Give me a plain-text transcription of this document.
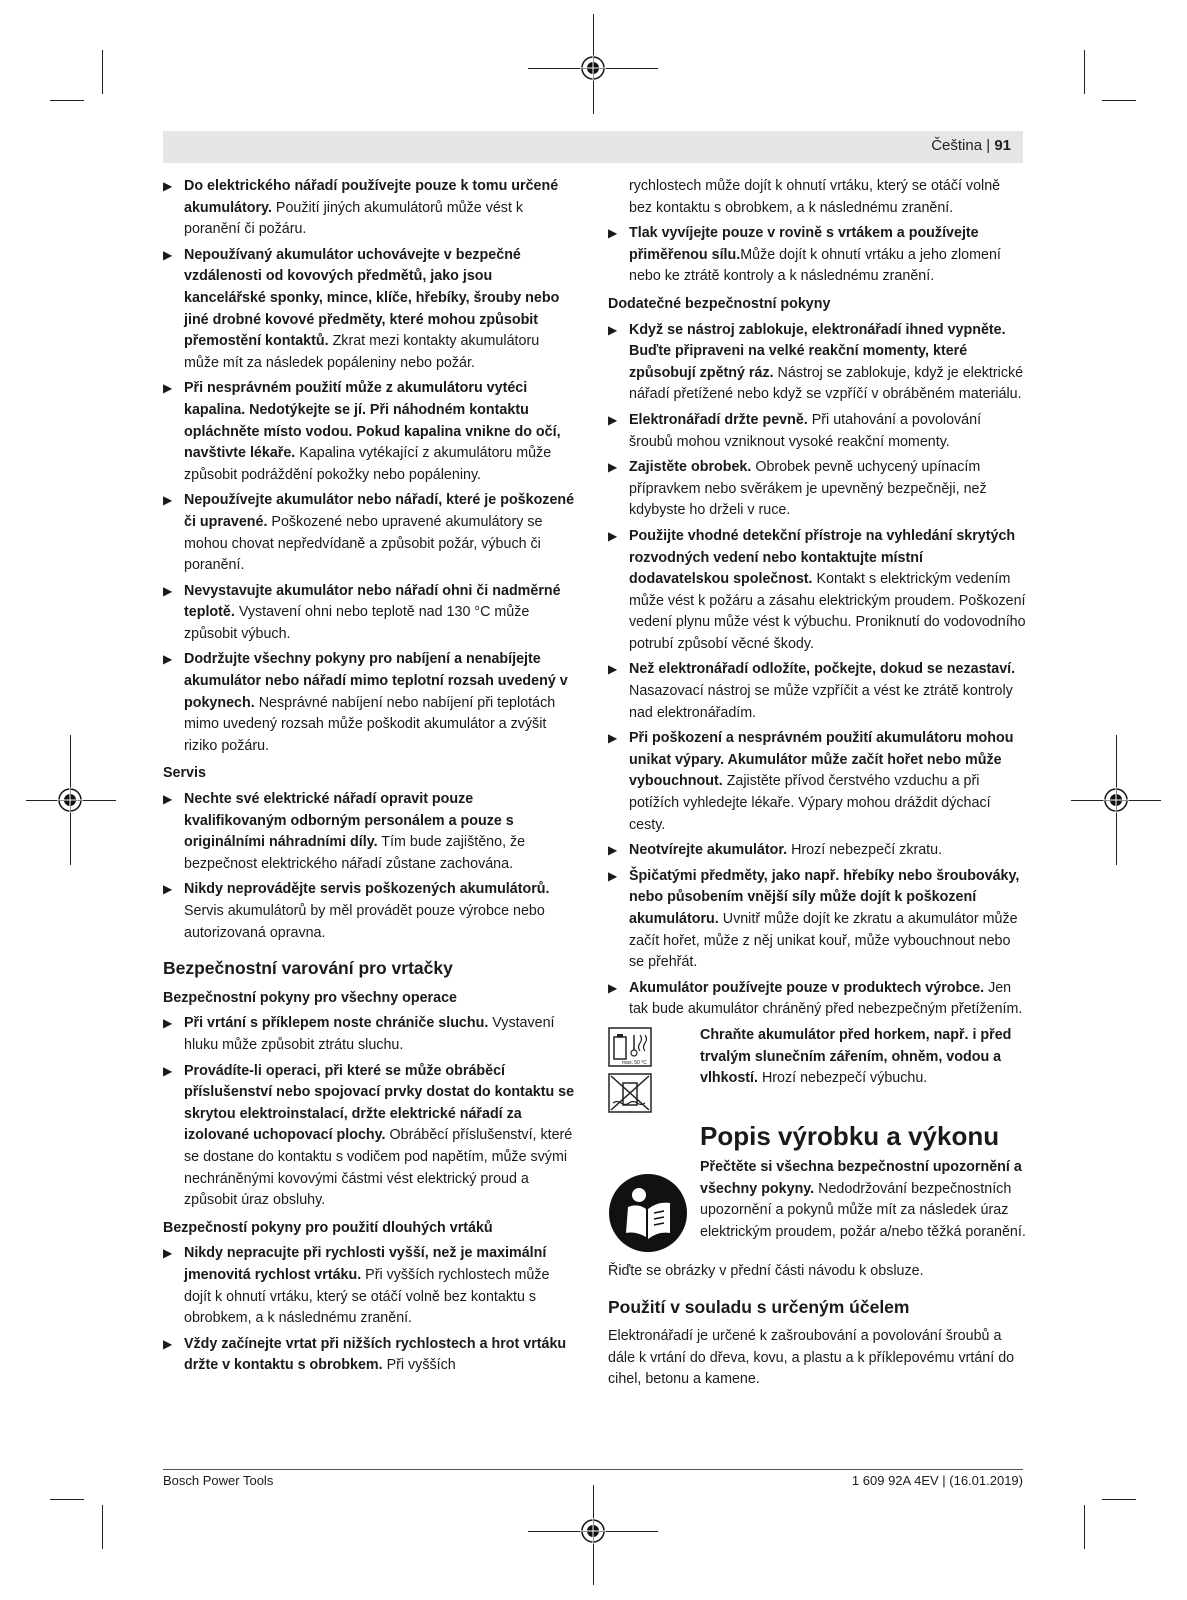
Čeština | 91
▶ Do elektrického nářadí používejte pouze k tomu určené akumulátory. Použití jiných akumulátorů může vést k poranění či požáru.
▶ Nepoužívaný akumulátor uchovávejte v bezpečné vzdálenosti od kovových předmětů, jako jsou kancelářské sponky, mince, klíče, hřebíky, šrouby nebo jiné drobné kovové předměty, které mohou způsobit přemostění kontaktů. Zkrat mezi kontakty akumulátoru může mít za následek popáleniny nebo požár.
▶ Při nesprávném použití může z akumulátoru vytéci kapalina. Nedotýkejte se jí. Při náhodném kontaktu opláchněte místo vodou. Pokud kapalina vnikne do očí, navštivte lékaře. Kapalina vytékající z akumulátoru může způsobit podráždění pokožky nebo popáleniny.
▶ Nepoužívejte akumulátor nebo nářadí, které je poškozené či upravené. Poškozené nebo upravené akumulátory se mohou chovat nepředvídaně a způsobit požár, výbuch či poranění.
▶ Nevystavujte akumulátor nebo nářadí ohni či nadměrné teplotě. Vystavení ohni nebo teplotě nad 130 °C může způsobit výbuch.
▶ Dodržujte všechny pokyny pro nabíjení a nenabíjejte akumulátor nebo nářadí mimo teplotní rozsah uvedený v pokynech. Nesprávné nabíjení nebo nabíjení při teplotách mimo uvedený rozsah může poškodit akumulátor a zvýšit riziko požáru.
Servis
▶ Nechte své elektrické nářadí opravit pouze kvalifikovaným odborným personálem a pouze s originálními náhradními díly. Tím bude zajištěno, že bezpečnost elektrického nářadí zůstane zachována.
▶ Nikdy neprovádějte servis poškozených akumulátorů. Servis akumulátorů by měl provádět pouze výrobce nebo autorizovaná opravna.
Bezpečnostní varování pro vrtačky
Bezpečnostní pokyny pro všechny operace
▶ Při vrtání s příklepem noste chrániče sluchu. Vystavení hluku může způsobit ztrátu sluchu.
▶ Provádíte-li operaci, při které se může obráběcí příslušenství nebo spojovací prvky dostat do kontaktu se skrytou elektroinstalací, držte elektrické nářadí za izolované uchopovací plochy. Obráběcí příslušenství, které se dostane do kontaktu s vodičem pod napětím, může svými nechráněnými kovovými částmi vést elektrický proud a způsobit úraz obsluhy.
Bezpečností pokyny pro použití dlouhých vrtáků
▶ Nikdy nepracujte při rychlosti vyšší, než je maximální jmenovitá rychlost vrtáku. Při vyšších rychlostech může dojít k ohnutí vrtáku, který se otáčí volně bez kontaktu s obrobkem, a k následnému zranění.
▶ Vždy začínejte vrtat při nižších rychlostech a hrot vrtáku držte v kontaktu s obrobkem. Při vyšších
rychlostech může dojít k ohnutí vrtáku, který se otáčí volně bez kontaktu s obrobkem, a k následnému zranění.
▶ Tlak vyvíjejte pouze v rovině s vrtákem a používejte přiměřenou sílu.Může dojít k ohnutí vrtáku a jeho zlomení nebo ke ztrátě kontroly a k následnému zranění.
Dodatečné bezpečnostní pokyny
▶ Když se nástroj zablokuje, elektronářadí ihned vypněte. Buďte připraveni na velké reakční momenty, které způsobují zpětný ráz. Nástroj se zablokuje, když je elektrické nářadí přetížené nebo když se vzpříčí v obráběném materiálu.
▶ Elektronářadí držte pevně. Při utahování a povolování šroubů mohou vzniknout vysoké reakční momenty.
▶ Zajistěte obrobek. Obrobek pevně uchycený upínacím přípravkem nebo svěrákem je upevněný bezpečněji, než kdybyste ho drželi v ruce.
▶ Použijte vhodné detekční přístroje na vyhledání skrytých rozvodných vedení nebo kontaktujte místní dodavatelskou společnost. Kontakt s elektrickým vedením může vést k požáru a zásahu elektrickým proudem. Poškození vedení plynu může vést k výbuchu. Proniknutí do vodovodního potrubí způsobí věcné škody.
▶ Než elektronářadí odložíte, počkejte, dokud se nezastaví. Nasazovací nástroj se může vzpříčit a vést ke ztrátě kontroly nad elektronářadím.
▶ Při poškození a nesprávném použití akumulátoru mohou unikat výpary. Akumulátor může začít hořet nebo může vybouchnout. Zajistěte přívod čerstvého vzduchu a při potížích vyhledejte lékaře. Výpary mohou dráždit dýchací cesty.
▶ Neotvírejte akumulátor. Hrozí nebezpečí zkratu.
▶ Špičatými předměty, jako např. hřebíky nebo šroubováky, nebo působením vnější síly může dojít k poškození akumulátoru. Uvnitř může dojít ke zkratu a akumulátor může začít hořet, může z něj unikat kouř, může vybouchnout nebo se přehřát.
▶ Akumulátor používejte pouze v produktech výrobce. Jen tak bude akumulátor chráněný před nebezpečným přetížením.
max. 50 °C
Chraňte akumulátor před horkem, např. i před trvalým slunečním zářením, ohněm, vodou a vlhkostí. Hrozí nebezpečí výbuchu.
Popis výrobku a výkonu
Přečtěte si všechna bezpečnostní upozornění a všechny pokyny. Nedodržování bezpečnostních upozornění a pokynů může mít za následek úraz elektrickým proudem, požár a/nebo těžká poranění.
Řiďte se obrázky v přední části návodu k obsluze.
Použití v souladu s určeným účelem
Elektronářadí je určené k zašroubování a povolování šroubů a dále k vrtání do dřeva, kovu, a plastu a k příklepovému vrtání do cihel, betonu a kamene.
Bosch Power Tools	1 609 92A 4EV | (16.01.2019)
